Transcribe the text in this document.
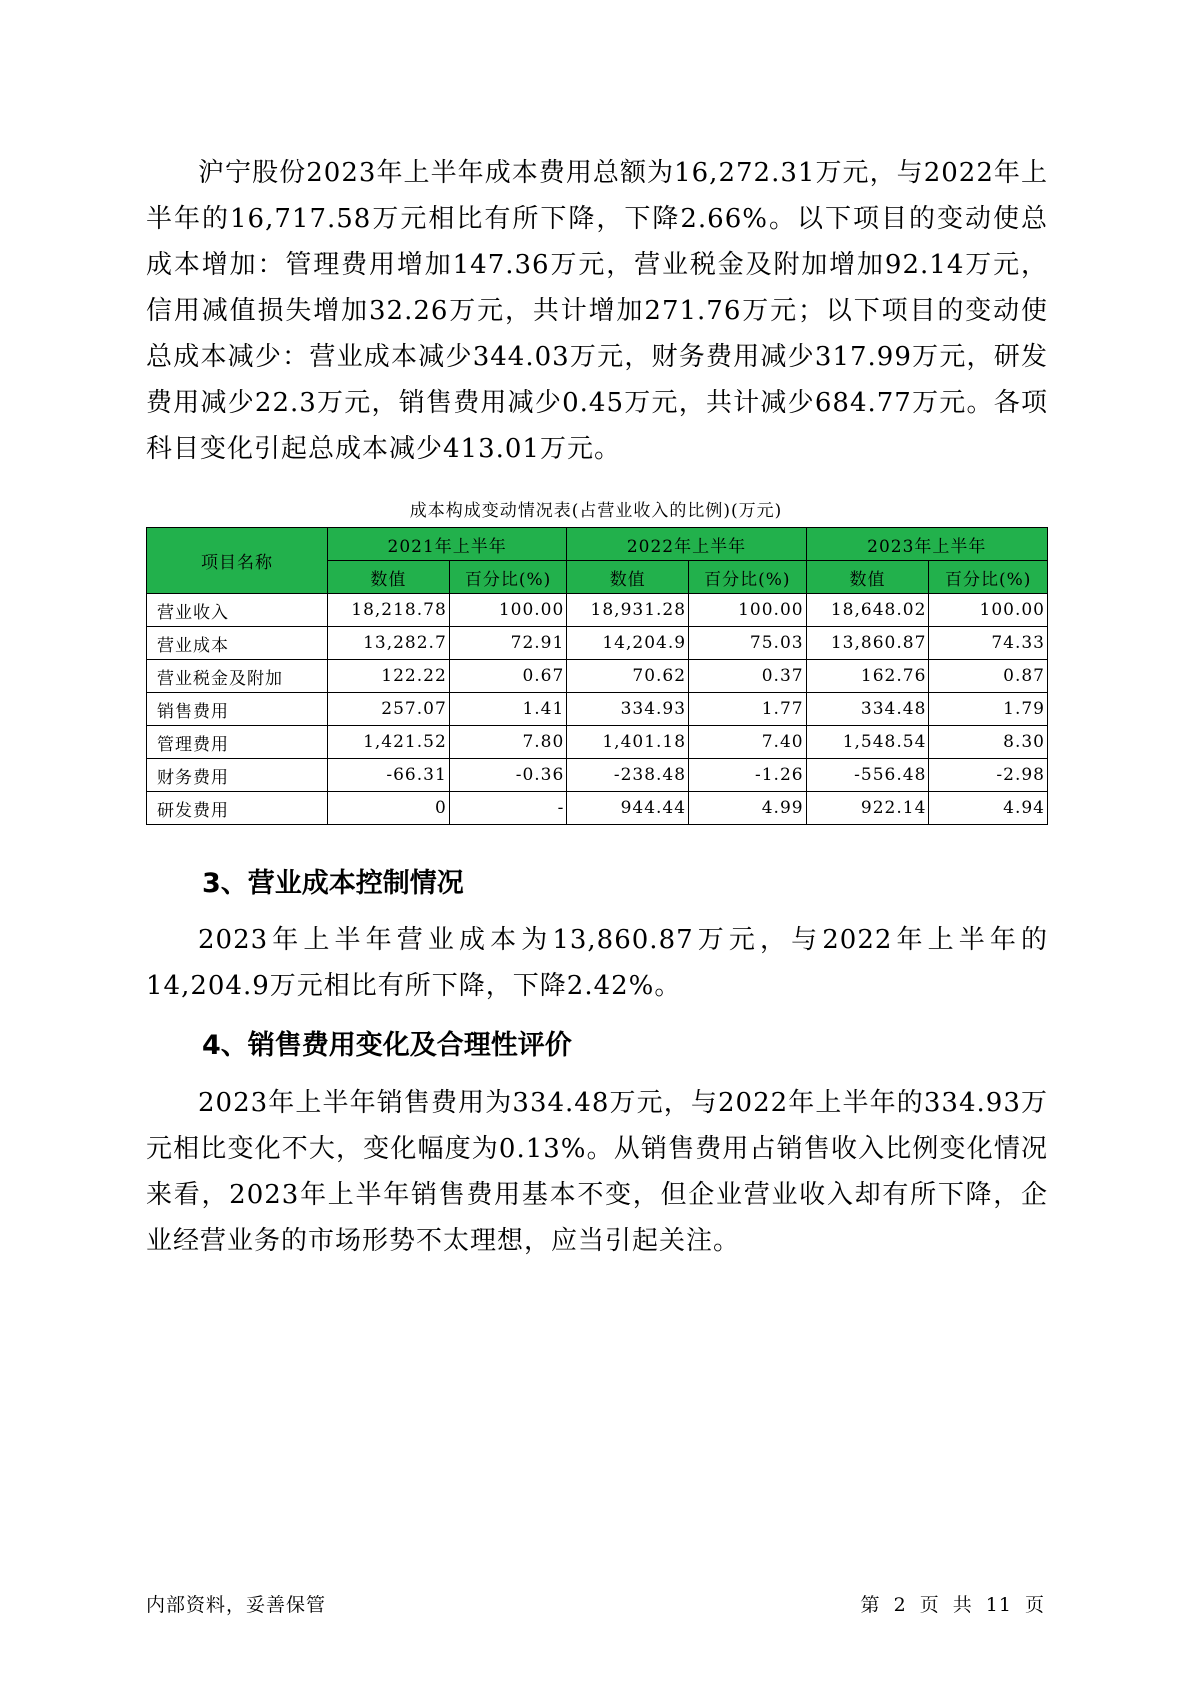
沪宁股份2023年上半年成本费用总额为16,272.31万元，与2022年上半年的16,717.58万元相比有所下降，下降2.66%。以下项目的变动使总成本增加：管理费用增加147.36万元，营业税金及附加增加92.14万元，信用减值损失增加32.26万元，共计增加271.76万元；以下项目的变动使总成本减少：营业成本减少344.03万元，财务费用减少317.99万元，研发费用减少22.3万元，销售费用减少0.45万元，共计减少684.77万元。各项科目变化引起总成本减少413.01万元。

成本构成变动情况表(占营业收入的比例)(万元)
项目名称	2021年上半年		2022年上半年		2023年上半年	
	数值	百分比(%)	数值	百分比(%)	数值	百分比(%)
营业收入	18,218.78	100.00	18,931.28	100.00	18,648.02	100.00
营业成本	13,282.7	72.91	14,204.9	75.03	13,860.87	74.33
营业税金及附加	122.22	0.67	70.62	0.37	162.76	0.87
销售费用	257.07	1.41	334.93	1.77	334.48	1.79
管理费用	1,421.52	7.80	1,401.18	7.40	1,548.54	8.30
财务费用	-66.31	-0.36	-238.48	-1.26	-556.48	-2.98
研发费用	0	-	944.44	4.99	922.14	4.94
3、营业成本控制情况

2023年上半年营业成本为13,860.87万元，与2022年上半年的14,204.9万元相比有所下降，下降2.42%。

4、销售费用变化及合理性评价

2023年上半年销售费用为334.48万元，与2022年上半年的334.93万元相比变化不大，变化幅度为0.13%。从销售费用占销售收入比例变化情况来看，2023年上半年销售费用基本不变，但企业营业收入却有所下降，企业经营业务的市场形势不太理想，应当引起关注。

内部资料，妥善保管	第 2 页 共 11 页
